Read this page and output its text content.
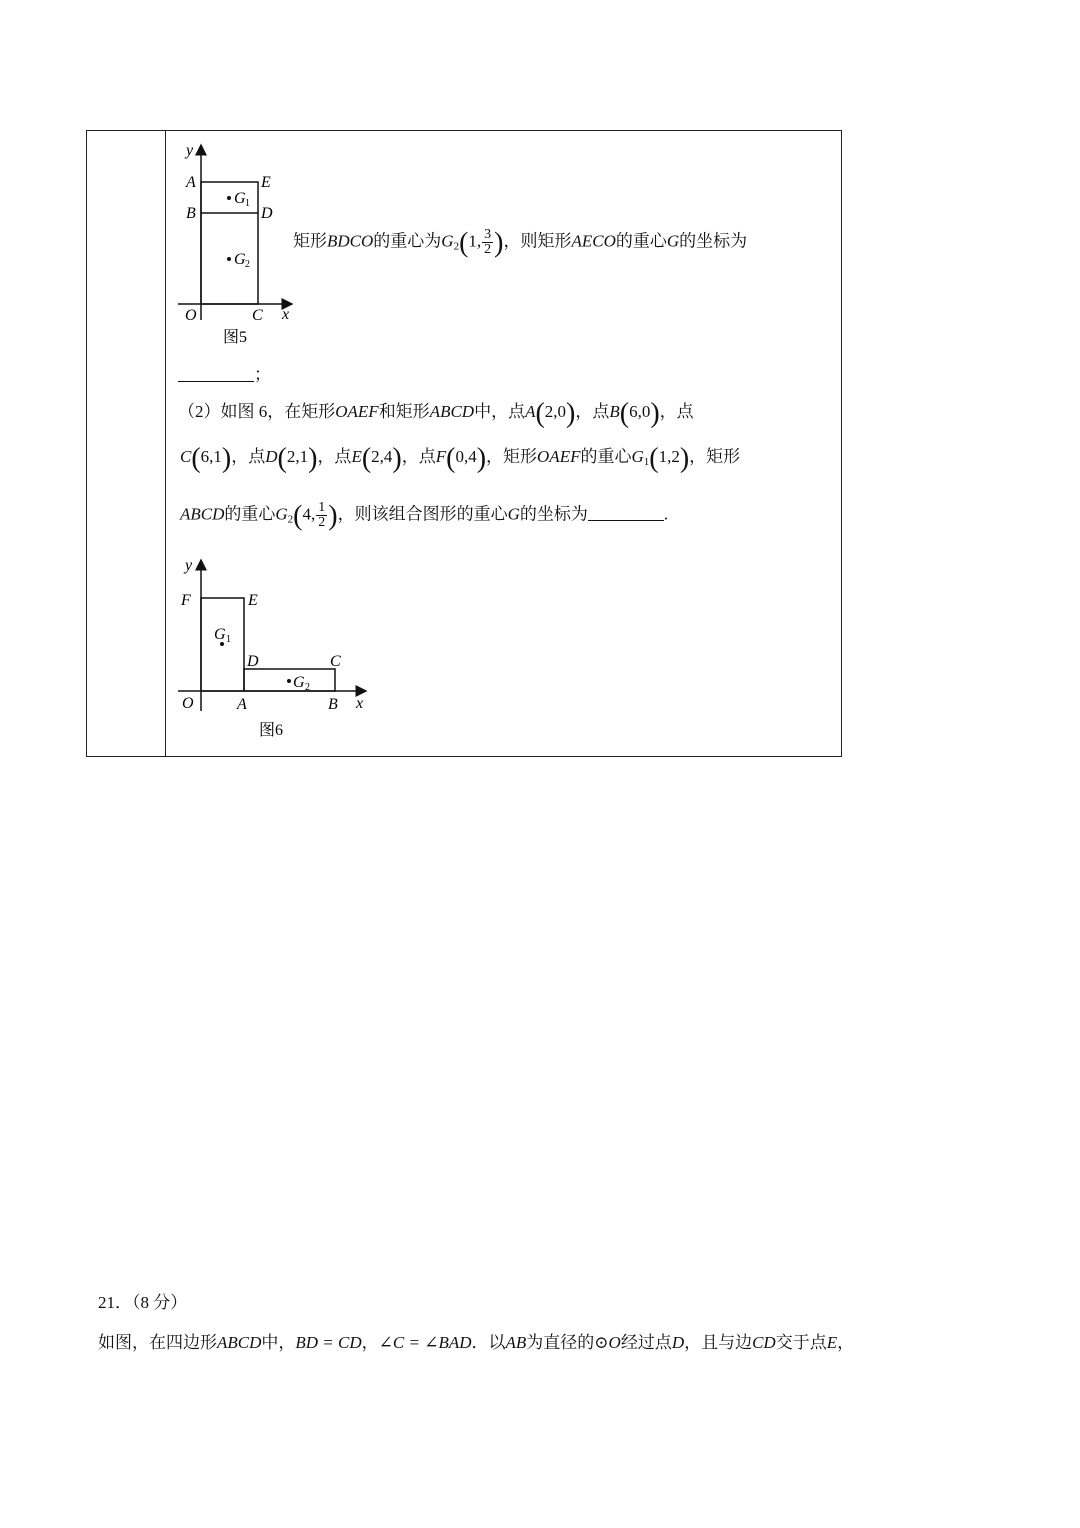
y
A	E
B	D
G 1
G 2
O	C x
图5
矩形BDCO的重心为$G_2(1$, $\frac{3}{2}$ )，则矩形AECO的重心G的坐标为
；
（2）如图 6，在矩形OAEF和矩形ABCD中，点A(2,0)，点B(6,0)，点
C(6,1)，点D(2,1)，点E(2,4)，点F(0,4)，矩形OAEF的重心$G_1(1,2)$，矩形
ABCD的重心$G_2(4$, $\frac{1}{2}$ )，则该组合图形的重心G的坐标为	.
y
F	E
G 1
D	C
G 2
O	A	B x
图6
21．（8 分）
如图，在四边形ABCD中，BD = CD，∠C = ∠BAD．以AB为直径的⊙O经过点D，且与边CD交于点E，
